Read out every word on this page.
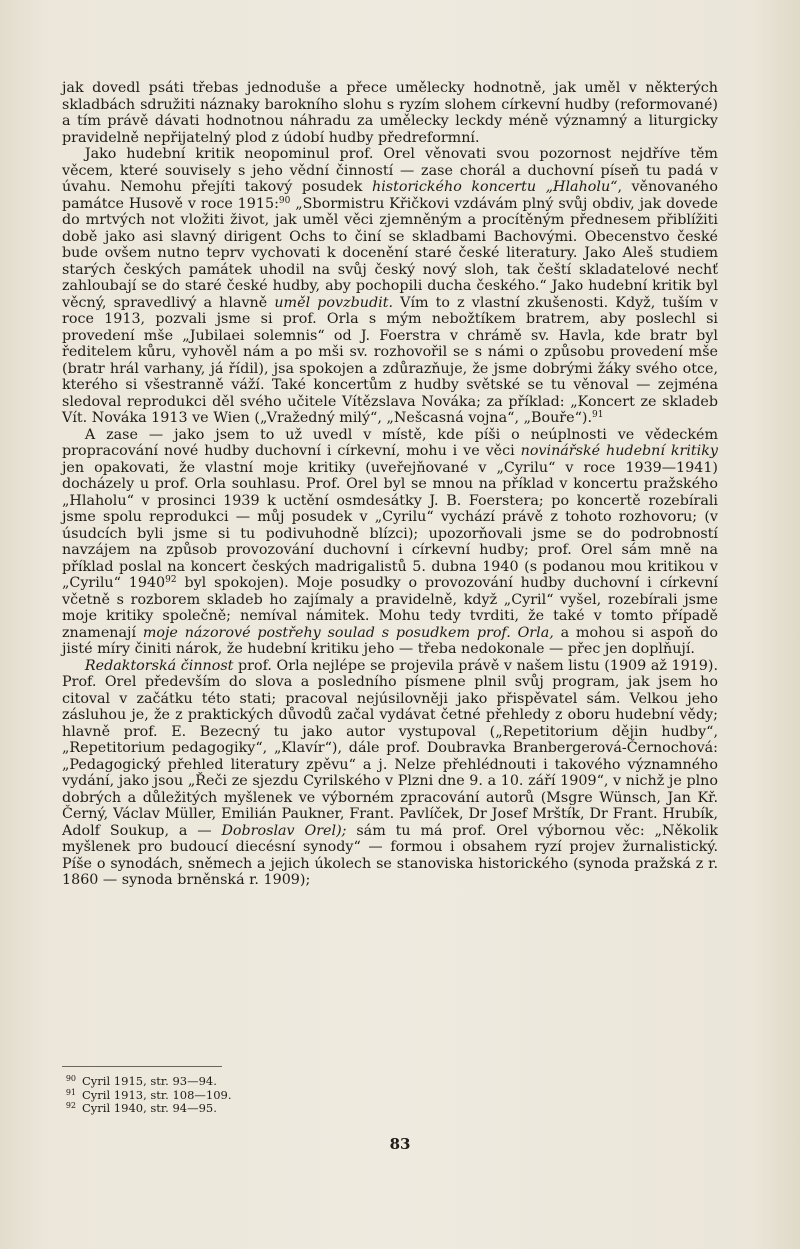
jak dovedl psáti třebas jednoduše a přece umělecky hodnotně, jak uměl v některých skladbách sdružiti náznaky barokního slohu s ryzím slohem církevní hudby (reformované) a tím právě dávati hodnotnou náhradu za umělecky leckdy méně významný a liturgicky pravidelně nepřijatelný plod z údobí hudby předreformní.

Jako hudební kritik neopominul prof. Orel věnovati svou pozornost nejdříve těm věcem, které souvisely s jeho vědní činností — zase chorál a duchovní píseň tu padá v úvahu. Nemohu přejíti takový posudek historického koncertu „Hlaholu“, věnovaného památce Husově v roce 1915:$^{90}$ „Sbormistru Křičkovi vzdávám plný svůj obdiv, jak dovede do mrtvých not vložiti život, jak uměl věci zjemněným a procítěným přednesem přiblížiti době jako asi slavný dirigent Ochs to činí se skladbami Bachovými. Obecenstvo české bude ovšem nutno teprv vychovati k docenění staré české literatury. Jako Aleš studiem starých českých památek uhodil na svůj český nový sloh, tak čeští skladatelové nechť zahloubají se do staré české hudby, aby pochopili ducha českého.“ Jako hudební kritik byl věcný, spravedlivý a hlavně uměl povzbudit. Vím to z vlastní zkušenosti. Když, tuším v roce 1913, pozvali jsme si prof. Orla s mým nebožtíkem bratrem, aby poslechl si provedení mše „Jubilaei solemnis“ od J. Foerstra v chrámě sv. Havla, kde bratr byl ředitelem kůru, vyhověl nám a po mši sv. rozhovořil se s námi o způsobu provedení mše (bratr hrál varhany, já řídil), jsa spokojen a zdůrazňuje, že jsme dobrými žáky svého otce, kterého si všestranně váží. Také koncertům z hudby světské se tu věnoval — zejména sledoval reprodukci děl svého učitele Vítězslava Nováka; za příklad: „Koncert ze skladeb Vít. Nováka 1913 ve Wien („Vražedný milý“, „Nešcasná vojna“, „Bouře“).$^{91}$

A zase — jako jsem to už uvedl v místě, kde píši o neúplnosti ve vědeckém propracování nové hudby duchovní i církevní, mohu i ve věci novinářské hudební kritiky jen opakovati, že vlastní moje kritiky (uveřejňované v „Cyrilu“ v roce 1939—1941) docházely u prof. Orla souhlasu. Prof. Orel byl se mnou na příklad v koncertu pražského „Hlaholu“ v prosinci 1939 k uctění osmdesátky J. B. Foerstera; po koncertě rozebírali jsme spolu reprodukci — můj posudek v „Cyrilu“ vychází právě z tohoto rozhovoru; (v úsudcích byli jsme si tu podivuhodně blízci); upozorňovali jsme se do podrobností navzájem na způsob provozování duchovní i církevní hudby; prof. Orel sám mně na příklad poslal na koncert českých madrigalistů 5. dubna 1940 (s podanou mou kritikou v „Cyrilu“ 1940$^{92}$ byl spokojen). Moje posudky o provozování hudby duchovní i církevní včetně s rozborem skladeb ho zajímaly a pravidelně, když „Cyril“ vyšel, rozebírali jsme moje kritiky společně; nemíval námitek. Mohu tedy tvrditi, že také v tomto případě znamenají moje názorové postřehy soulad s posudkem prof. Orla, a mohou si aspoň do jisté míry činiti nárok, že hudební kritiku jeho — třeba nedokonale — přec jen doplňují.

Redaktorská činnost prof. Orla nejlépe se projevila právě v našem listu (1909 až 1919). Prof. Orel především do slova a posledního písmene plnil svůj program, jak jsem ho citoval v začátku této stati; pracoval nejúsilovněji jako přispěvatel sám. Velkou jeho zásluhou je, že z praktických důvodů začal vydávat četné přehledy z oboru hudební vědy; hlavně prof. E. Bezecný tu jako autor vystupoval („Repetitorium dějin hudby“, „Repetitorium pedagogiky“, „Klavír“), dále prof. Doubravka Branbergerová-Černochová: „Pedagogický přehled literatury zpěvu“ a j. Nelze přehlédnouti i takového významného vydání, jako jsou „Řeči ze sjezdu Cyrilského v Plzni dne 9. a 10. září 1909“, v nichž je plno dobrých a důležitých myšlenek ve výborném zpracování autorů (Msgre Wünsch, Jan Kř. Černý, Václav Müller, Emilián Paukner, Frant. Pavlíček, Dr Josef Mrštík, Dr Frant. Hrubík, Adolf Soukup, a — Dobroslav Orel); sám tu má prof. Orel výbornou věc: „Několik myšlenek pro budoucí diecésní synody“ — formou i obsahem ryzí projev žurnalistický. Píše o synodách, sněmech a jejich úkolech se stanoviska historického (synoda pražská z r. 1860 — synoda brněnská r. 1909);

90 Cyril 1915, str. 93—94.
91 Cyril 1913, str. 108—109.
92 Cyril 1940, str. 94—95.
83
